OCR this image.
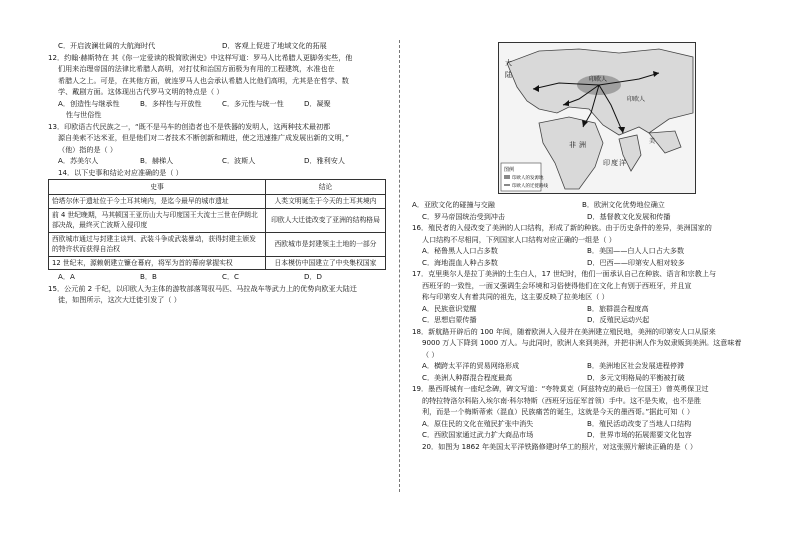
C．开启波澜壮阔的大航海时代	D．客观上促进了地域文化的拓展
12．约翰·赫斯特在 其《你一定爱读的极简欧洲史》中这样写道：罗马人比希腊人更脚务实些，他
们用来治理帝国的法律比希腊人高明，对打仗和治国方面极为有用的工程建筑，水准也在
希腊人之上。可是，在其他方面，就连罗马人也会承认希腊人比他们高明，尤其是在哲学、数
学、戴剧方面。这体现出古代罗马文明的特点是（ ）
A．创造性与继承性	B．多样性与开放性	C．多元性与统一性	D．凝聚
性与世俗性
13．印欧语古代民族之一，“既不是马车的创造者也不是铁器的发明人，这两种技术最初都
源自美索不达米亚，但是他们对二者技术不断创新和精进，使之迅速推广成发展出新的文明，”
（他）指的是（ ）
A．苏美尔人	B．赫梯人	C．波斯人	D．雅利安人
14．以下史事和结论对应准确的是（ ）
史事	结论
恰塔尔休于遗址位于今土耳其境内，是迄今最早的城市遗址	人类文明诞生于今天的土耳其境内
前 4 世纪晚期，马其顿国王亚历山大与印度国王大流士三世在伊朗北部决战，最终灭亡波斯入侵印度	印欧人大迁徙改变了亚洲的结构格局
西欧城市通过与封建主谈判、武装斗争或武装暴动，获得封建主颁发的特许状而获得自治权	西欧城市是封建领主土地的一部分
12 世纪末，源赖朝建立镰仓幕府，将军为首的幕府掌握实权	日本模仿中国建立了中央集权国家
A．A	B．B	C．C	D．D
15．公元前 2 千纪，以印欧人为主体的游牧部落驾驭马匹、马拉战车等武力上的优势向欧亚大陆迁
徙，如图所示，这次大迁徙引发了（ ）
大
陆
印欧人
非 洲
印 度 洋
美
印欧人
图例
印欧人的发源地
印欧人的迁徙路线
A．亚欧文化的碰撞与交融	B．欧洲文化优势地位确立
C．罗马帝国统治受到冲击	D．基督教文化发展和传播
16．殖民者的入侵改变了美洲的人口结构，形成了新的种族。由于历史条件的差异，美洲国家的
人口结构不尽相同，下列国家人口结构对应正确的一组是（ ）
A．秘鲁黑人人口占多数	B．美国——白人人口占大多数
C．海地混血人种占多数	D．巴西——印第安人相对较多
17．克里奥尔人是拉丁美洲的土生白人，17 世纪时，他们一面承认自己在种族、语言和宗教上与
西班牙的一致性，一面又强调生会环境和习俗使得他们在文化上有别于西班牙，并且宣
称与印第安人有着共同的祖先，这主要反映了拉美地区（ ）
A．民族意识觉醒	B．旅群混合程度高
C．思想启蒙传播	D．反殖民运动兴起
18．新航路开辟后的 100 年间，随着欧洲人入侵并在美洲建立殖民地，美洲的印第安人口从原来
9000 万人下降到 1000 万人。与此同时，欧洲人来到美洲，并把非洲人作为奴隶贩到美洲。这意味着
（ ）
A．横跨太平洋的贸易网络形成	B．美洲地区社会发展进程停滞
C．美洲人种群混合程度最高	D．多元文明格局的平衡被打破
19．墨西哥城有一座纪念碑，碑文写道：“夸特莫克（阿兹特克的最后一位国王）曾英勇保卫过
的特拉特洛尔科陷入埃尔南·科尔特斯（西班牙远征军首领）手中。这不是失败，也不是胜
利，而是一个梅斯蒂索（混血）民族痛苦的诞生，这就是今天的墨西哥。”据此可知（ ）
A．原住民的文化在殖民扩张中消失	B．殖民活动改变了当地人口结构
C．西欧国家通过武力扩大商品市场	D．世界市场的拓展需要文化包容
20．如图为 1862 年美国太平洋铁路修建时华工的照片，对这张照片解读正确的是（ ）
